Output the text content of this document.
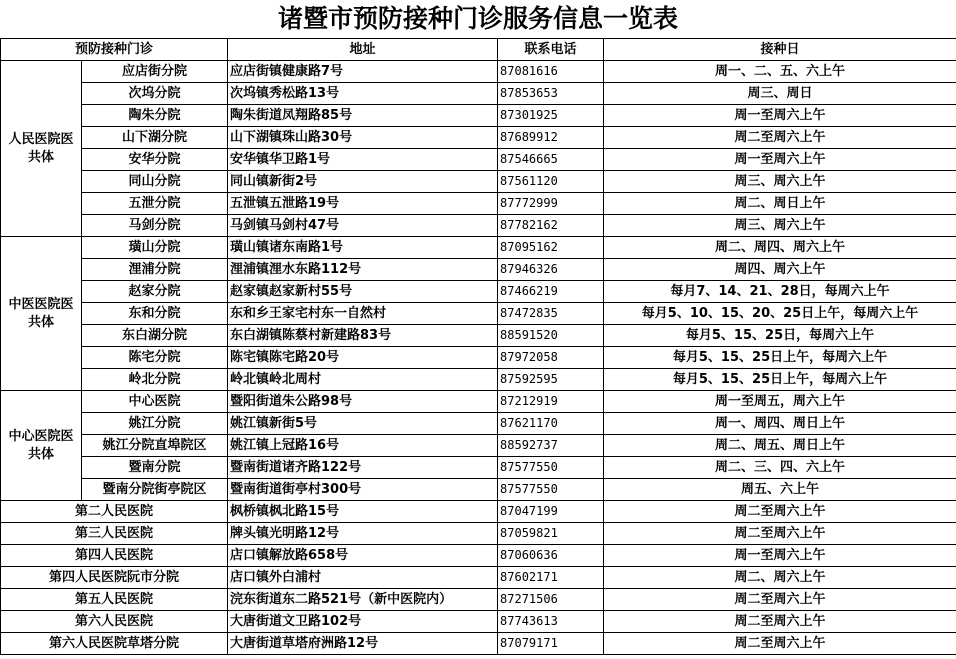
诸暨市预防接种门诊服务信息一览表
预防接种门诊		地址	联系电话	接种日
人民医院医共体	应店街分院	应店街镇健康路7号	87081616	周一、二、五、六上午
	次坞分院	次坞镇秀松路13号	87853653	周三、周日
	陶朱分院	陶朱街道凤翔路85号	87301925	周一至周六上午
	山下湖分院	山下湖镇珠山路30号	87689912	周二至周六上午
	安华分院	安华镇华卫路1号	87546665	周一至周六上午
	同山分院	同山镇新街2号	87561120	周三、周六上午
	五泄分院	五泄镇五泄路19号	87772999	周二、周日上午
	马剑分院	马剑镇马剑村47号	87782162	周三、周六上午
中医医院医共体	璜山分院	璜山镇诸东南路1号	87095162	周二、周四、周六上午
	浬浦分院	浬浦镇浬水东路112号	87946326	周四、周六上午
	赵家分院	赵家镇赵家新村55号	87466219	每月7、14、21、28日，每周六上午
	东和分院	东和乡王家宅村东一自然村	87472835	每月5、10、15、20、25日上午，每周六上午
	东白湖分院	东白湖镇陈蔡村新建路83号	88591520	每月5、15、25日，每周六上午
	陈宅分院	陈宅镇陈宅路20号	87972058	每月5、15、25日上午，每周六上午
	岭北分院	岭北镇岭北周村	87592595	每月5、15、25日上午，每周六上午
中心医院医共体	中心医院	暨阳街道朱公路98号	87212919	周一至周五，周六上午
	姚江分院	姚江镇新街5号	87621170	周一、周四、周日上午
	姚江分院直埠院区	姚江镇上冠路16号	88592737	周二、周五、周日上午
	暨南分院	暨南街道诸齐路122号	87577550	周二、三、四、六上午
	暨南分院街亭院区	暨南街道街亭村300号	87577550	周五、六上午
第二人民医院		枫桥镇枫北路15号	87047199	周二至周六上午
第三人民医院		牌头镇光明路12号	87059821	周二至周六上午
第四人民医院		店口镇解放路658号	87060636	周一至周六上午
第四人民医院阮市分院		店口镇外白浦村	87602171	周二、周六上午
第五人民医院		浣东街道东二路521号（新中医院内）	87271506	周二至周六上午
第六人民医院		大唐街道文卫路102号	87743613	周二至周六上午
第六人民医院草塔分院		大唐街道草塔府洲路12号	87079171	周二至周六上午
